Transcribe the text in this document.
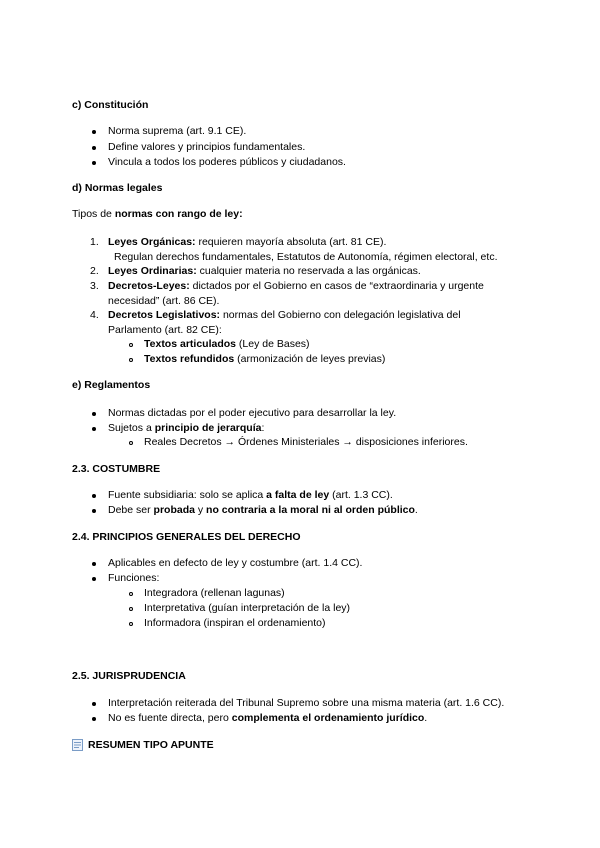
c) Constitución
Norma suprema (art. 9.1 CE).
Define valores y principios fundamentales.
Vincula a todos los poderes públicos y ciudadanos.
d) Normas legales
Tipos de normas con rango de ley:
1. Leyes Orgánicas: requieren mayoría absoluta (art. 81 CE).
Regulan derechos fundamentales, Estatutos de Autonomía, régimen electoral, etc.
2. Leyes Ordinarias: cualquier materia no reservada a las orgánicas.
3. Decretos-Leyes: dictados por el Gobierno en casos de “extraordinaria y urgente
necesidad” (art. 86 CE).
4. Decretos Legislativos: normas del Gobierno con delegación legislativa del
Parlamento (art. 82 CE):
Textos articulados (Ley de Bases)
Textos refundidos (armonización de leyes previas)
e) Reglamentos
Normas dictadas por el poder ejecutivo para desarrollar la ley.
Sujetos a principio de jerarquía:
Reales Decretos → Órdenes Ministeriales → disposiciones inferiores.
2.3. COSTUMBRE
Fuente subsidiaria: solo se aplica a falta de ley (art. 1.3 CC).
Debe ser probada y no contraria a la moral ni al orden público.
2.4. PRINCIPIOS GENERALES DEL DERECHO
Aplicables en defecto de ley y costumbre (art. 1.4 CC).
Funciones:
Integradora (rellenan lagunas)
Interpretativa (guían interpretación de la ley)
Informadora (inspiran el ordenamiento)
2.5. JURISPRUDENCIA
Interpretación reiterada del Tribunal Supremo sobre una misma materia (art. 1.6 CC).
No es fuente directa, pero complementa el ordenamiento jurídico.
RESUMEN TIPO APUNTE
